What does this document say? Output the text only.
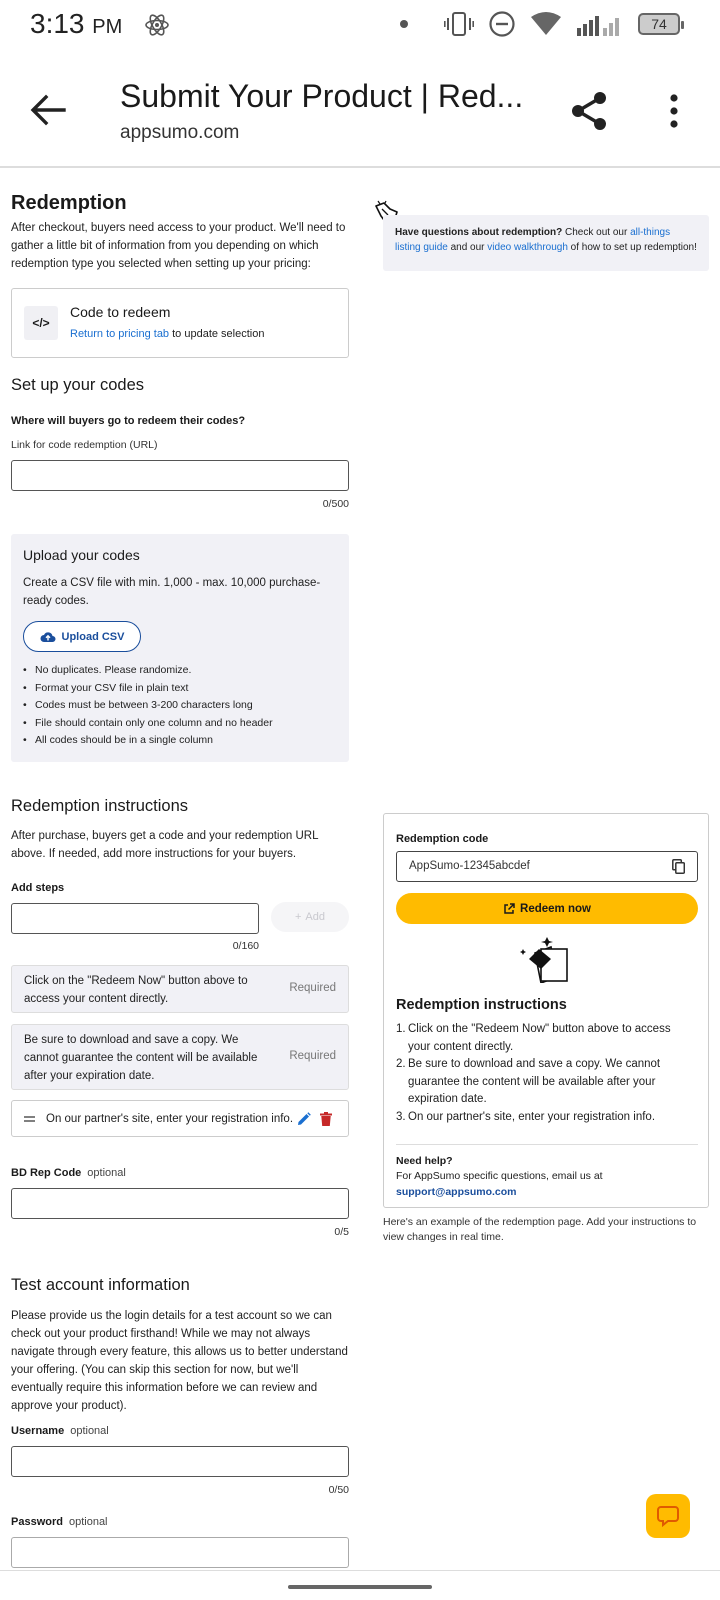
3:13 PM	74
Submit Your Product | Red...
appsumo.com
Redemption
After checkout, buyers need access to your product. We'll need to gather a little bit of information from you depending on which redemption type you selected when setting up your pricing:
</>
Code to redeem
Return to pricing tab to update selection
Set up your codes
Where will buyers go to redeem their codes?
Link for code redemption (URL)
0/500
Upload your codes
Create a CSV file with min. 1,000 - max. 10,000 purchase-ready codes.
Upload CSV
• No duplicates. Please randomize.
• Format your CSV file in plain text
• Codes must be between 3-200 characters long
• File should contain only one column and no header
• All codes should be in a single column
Redemption instructions
After purchase, buyers get a code and your redemption URL above. If needed, add more instructions for your buyers.
Add steps
+ Add
0/160
Click on the "Redeem Now" button above to access your content directly.
Required
Be sure to download and save a copy. We cannot guarantee the content will be available after your expiration date.
Required
On our partner's site, enter your registration info.
BD Rep Code optional
0/5
Test account information
Please provide us the login details for a test account so we can check out your product firsthand! While we may not always navigate through every feature, this allows us to better understand your offering. (You can skip this section for now, but we'll eventually require this information before we can review and approve your product).
Username optional
0/50
Password optional
Have questions about redemption? Check out our all-things listing guide and our video walkthrough of how to set up redemption!
Redemption code
AppSumo-12345abcdef
Redeem now
Redemption instructions
1. Click on the "Redeem Now" button above to access your content directly.
2. Be sure to download and save a copy. We cannot guarantee the content will be available after your expiration date.
3. On our partner's site, enter your registration info.
Need help?
For AppSumo specific questions, email us at
support@appsumo.com
Here's an example of the redemption page. Add your instructions to view changes in real time.
